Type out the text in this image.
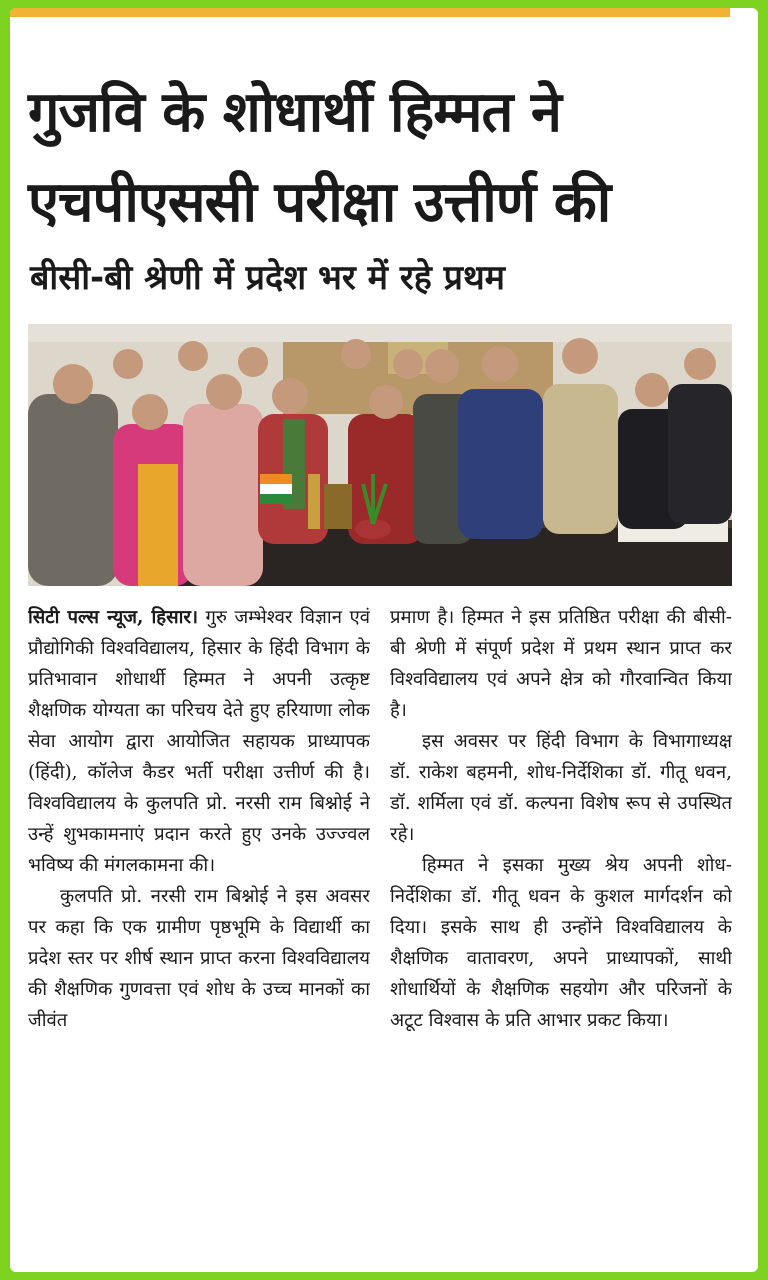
गुजवि के शोधार्थी हिम्मत ने
एचपीएससी परीक्षा उत्तीर्ण की
बीसी-बी श्रेणी में प्रदेश भर में रहे प्रथम

सिटी पल्स न्यूज, हिसार। गुरु जम्भेश्वर विज्ञान एवं प्रौद्योगिकी विश्वविद्यालय, हिसार के हिंदी विभाग के प्रतिभावान शोधार्थी हिम्मत ने अपनी उत्कृष्ट शैक्षणिक योग्यता का परिचय देते हुए हरियाणा लोक सेवा आयोग द्वारा आयोजित सहायक प्राध्यापक (हिंदी), कॉलेज कैडर भर्ती परीक्षा उत्तीर्ण की है। विश्वविद्यालय के कुलपति प्रो. नरसी राम बिश्नोई ने उन्हें शुभकामनाएं प्रदान करते हुए उनके उज्ज्वल भविष्य की मंगलकामना की।

कुलपति प्रो. नरसी राम बिश्नोई ने इस अवसर पर कहा कि एक ग्रामीण पृष्ठभूमि के विद्यार्थी का प्रदेश स्तर पर शीर्ष स्थान प्राप्त करना विश्वविद्यालय की शैक्षणिक गुणवत्ता एवं शोध के उच्च मानकों का जीवंत

प्रमाण है। हिम्मत ने इस प्रतिष्ठित परीक्षा की बीसी-बी श्रेणी में संपूर्ण प्रदेश में प्रथम स्थान प्राप्त कर विश्वविद्यालय एवं अपने क्षेत्र को गौरवान्वित किया है।

इस अवसर पर हिंदी विभाग के विभागाध्यक्ष डॉ. राकेश बहमनी, शोध-निर्देशिका डॉ. गीतू धवन, डॉ. शर्मिला एवं डॉ. कल्पना विशेष रूप से उपस्थित रहे।

हिम्मत ने इसका मुख्य श्रेय अपनी शोध-निर्देशिका डॉ. गीतू धवन के कुशल मार्गदर्शन को दिया। इसके साथ ही उन्होंने विश्वविद्यालय के शैक्षणिक वातावरण, अपने प्राध्यापकों, साथी शोधार्थियों के शैक्षणिक सहयोग और परिजनों के अटूट विश्वास के प्रति आभार प्रकट किया।
